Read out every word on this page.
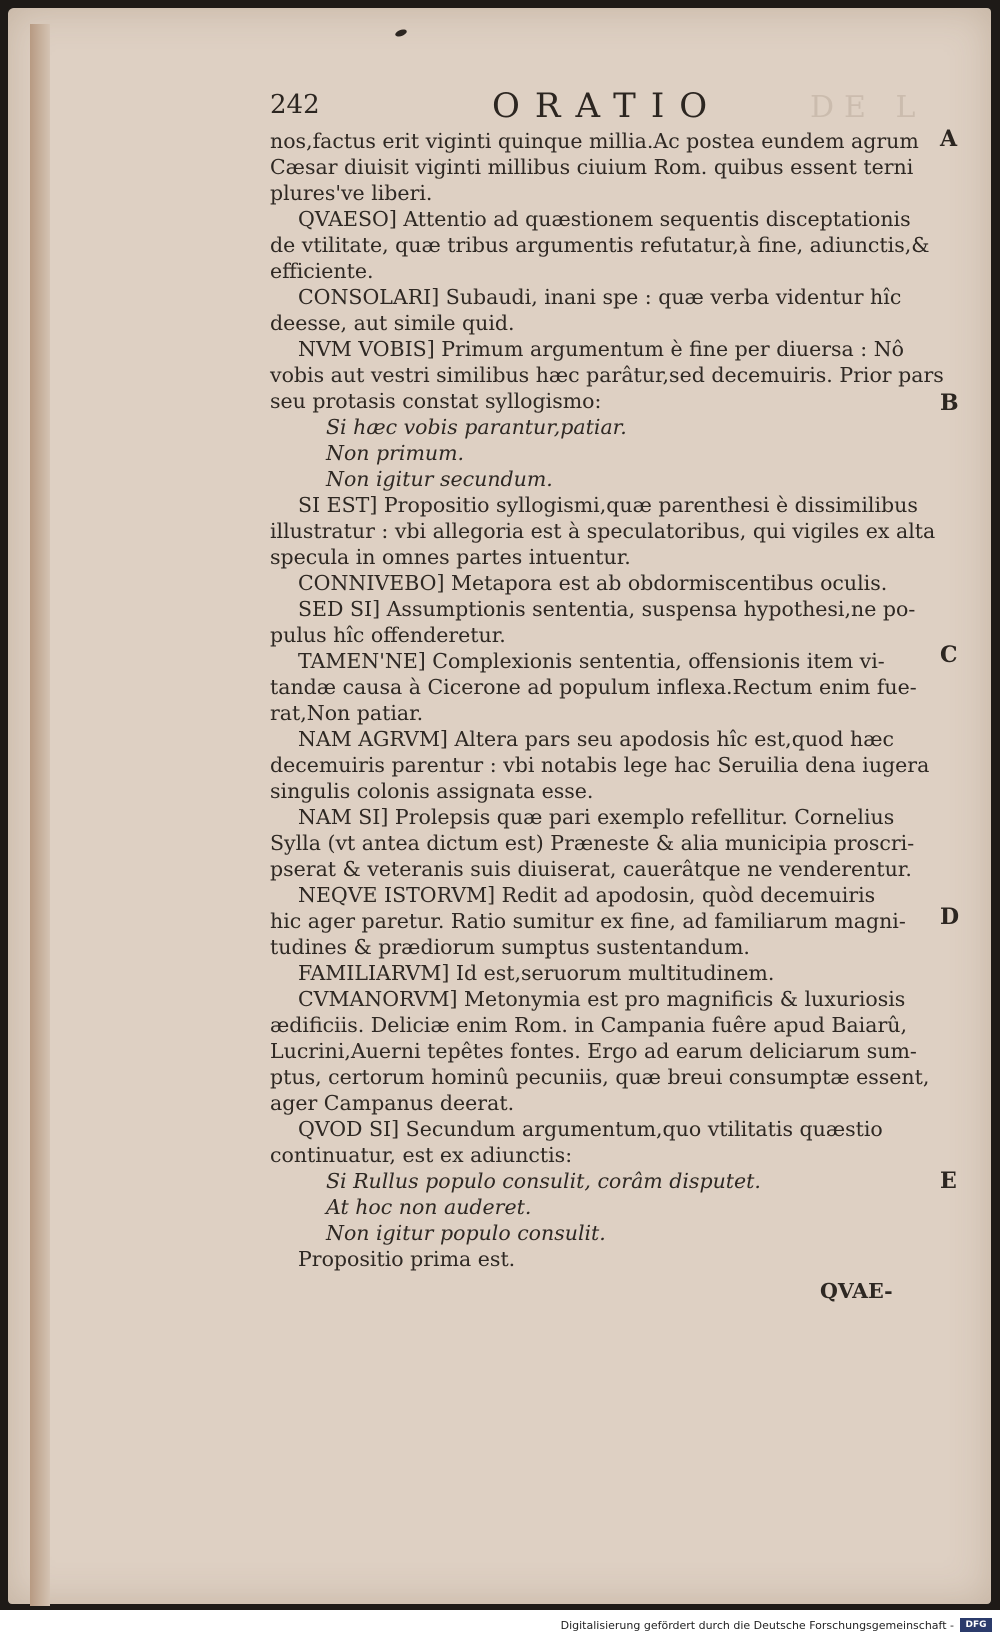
242	ORATIO	DE L
nos,factus erit viginti quinque millia.Ac postea eundem agrum
Cæsar diuisit viginti millibus ciuium Rom. quibus essent terni
plures've liberi.
QVAESO] Attentio ad quæstionem sequentis disceptationis
de vtilitate, quæ tribus argumentis refutatur,à fine, adiunctis,&
efficiente.
CONSOLARI] Subaudi, inani spe : quæ verba videntur hîc
deesse, aut simile quid.
NVM VOBIS] Primum argumentum è fine per diuersa : Nô
vobis aut vestri similibus hæc parâtur,sed decemuiris. Prior pars
seu protasis constat syllogismo:
Si hæc vobis parantur,patiar.
Non primum.
Non igitur secundum.
SI EST] Propositio syllogismi,quæ parenthesi è dissimilibus
illustratur : vbi allegoria est à speculatoribus, qui vigiles ex alta
specula in omnes partes intuentur.
CONNIVEBO] Metapora est ab obdormiscentibus oculis.
SED SI] Assumptionis sententia, suspensa hypothesi,ne po-
pulus hîc offenderetur.
TAMEN'NE] Complexionis sententia, offensionis item vi-
tandæ causa à Cicerone ad populum inflexa.Rectum enim fue-
rat,Non patiar.
NAM AGRVM] Altera pars seu apodosis hîc est,quod hæc
decemuiris parentur : vbi notabis lege hac Seruilia dena iugera
singulis colonis assignata esse.
NAM SI] Prolepsis quæ pari exemplo refellitur. Cornelius
Sylla (vt antea dictum est) Præneste & alia municipia proscri-
pserat & veteranis suis diuiserat, cauerâtque ne venderentur.
NEQVE ISTORVM] Redit ad apodosin, quòd decemuiris
hic ager paretur. Ratio sumitur ex fine, ad familiarum magni-
tudines & prædiorum sumptus sustentandum.
FAMILIARVM] Id est,seruorum multitudinem.
CVMANORVM] Metonymia est pro magnificis & luxuriosis
ædificiis. Deliciæ enim Rom. in Campania fuêre apud Baiarû,
Lucrini,Auerni tepêtes fontes. Ergo ad earum deliciarum sum-
ptus, certorum hominû pecuniis, quæ breui consumptæ essent,
ager Campanus deerat.
QVOD SI] Secundum argumentum,quo vtilitatis quæstio
continuatur, est ex adiunctis:
Si Rullus populo consulit, corâm disputet.
At hoc non auderet.
Non igitur populo consulit.
Propositio prima est.
QVAE-
A
B
C
D
E
Digitalisierung gefördert durch die Deutsche Forschungsgemeinschaft -	DFG
